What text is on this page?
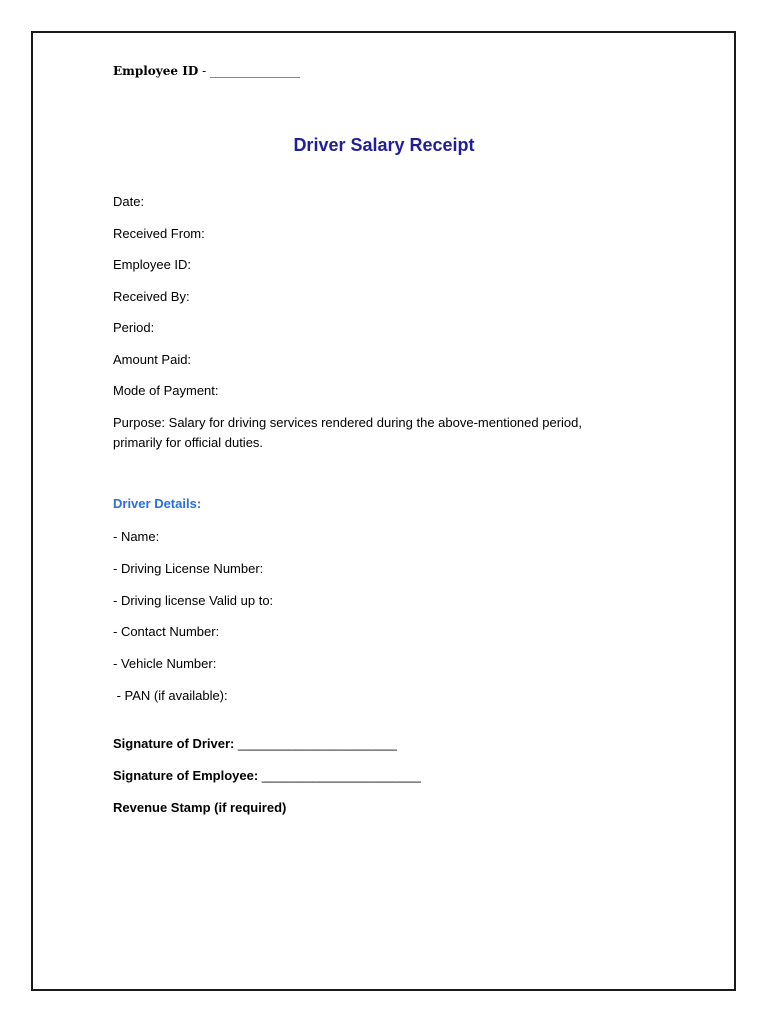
Employee ID - _______________
Driver Salary Receipt
Date:
Received From:
Employee ID:
Received By:
Period:
Amount Paid:
Mode of Payment:
Purpose: Salary for driving services rendered during the above-mentioned period, primarily for official duties.
Driver Details:
- Name:
- Driving License Number:
- Driving license Valid up to:
- Contact Number:
- Vehicle Number:
- PAN (if available):
Signature of Driver: ______________________
Signature of Employee: ______________________
Revenue Stamp (if required)
